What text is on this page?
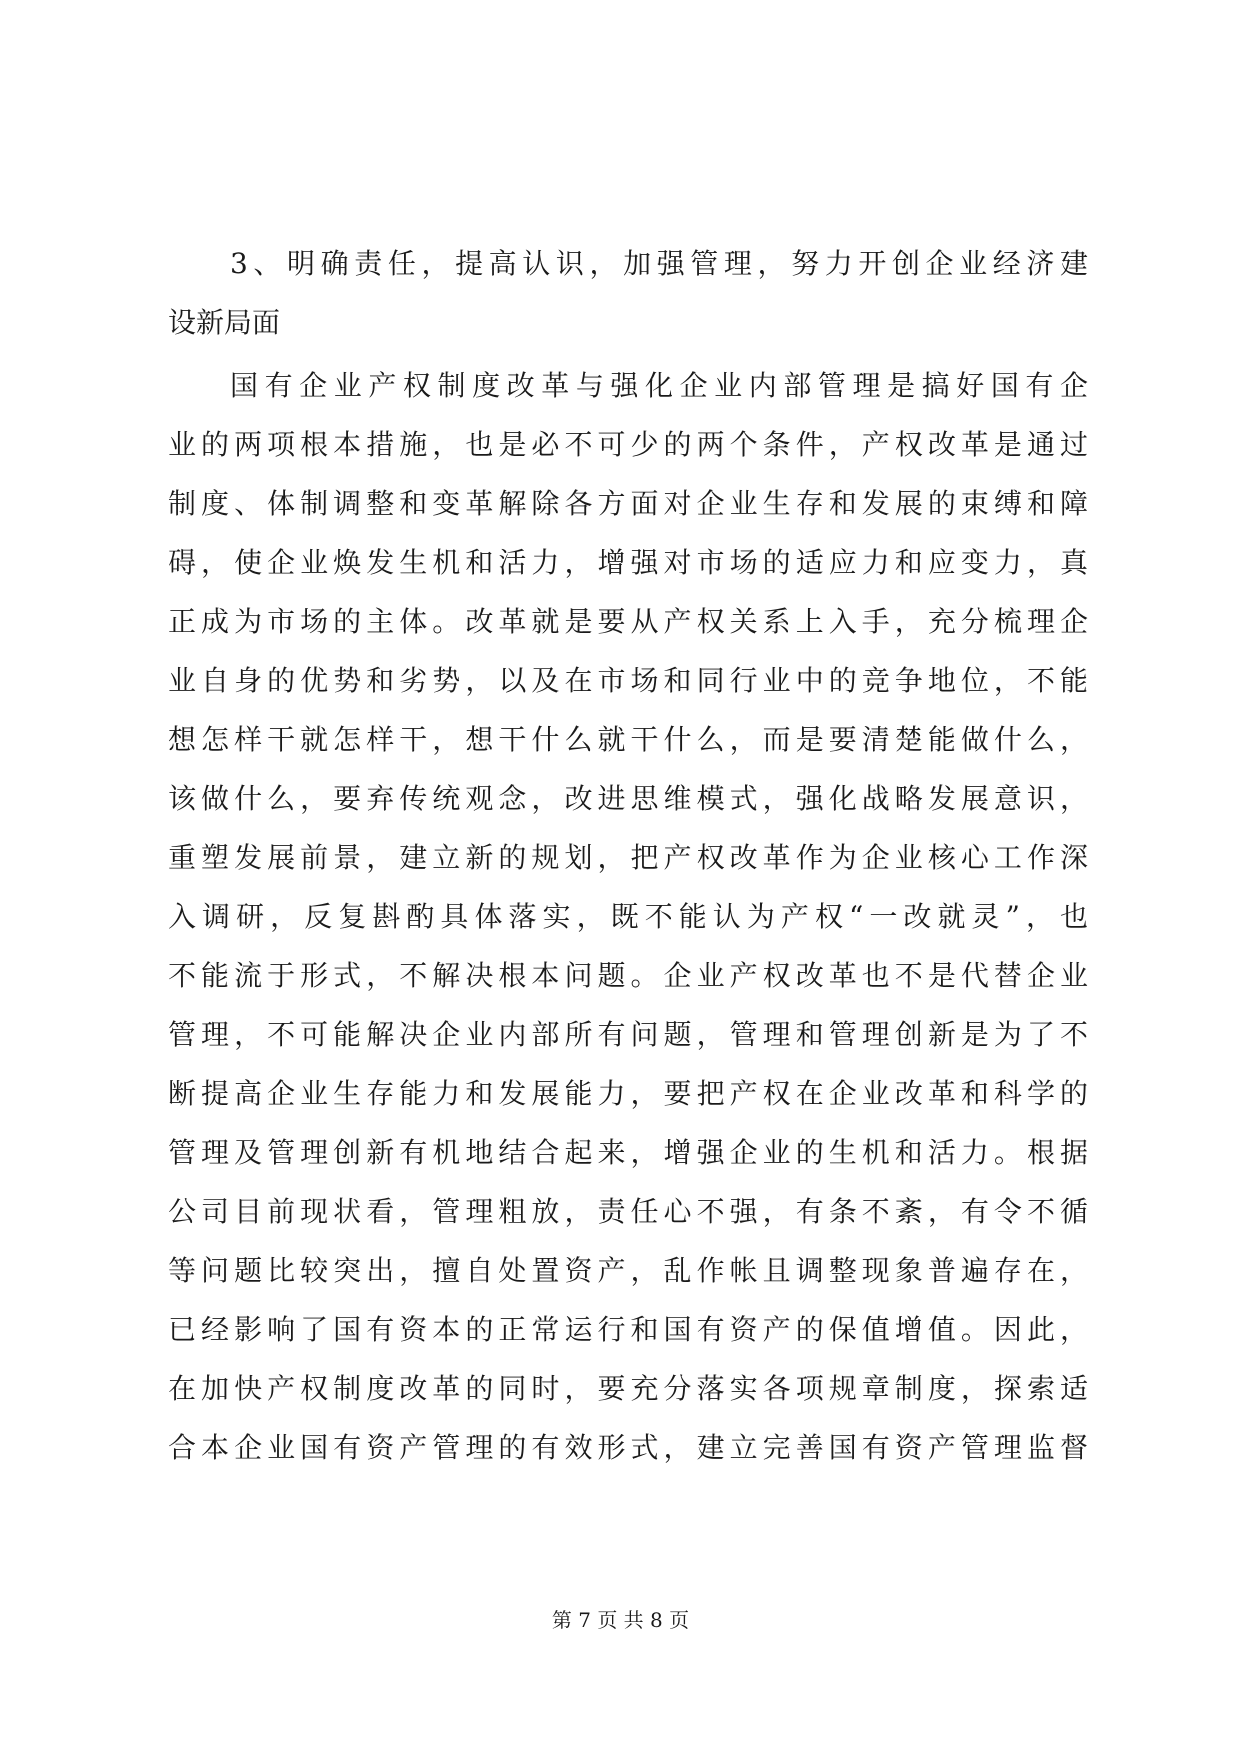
3、明确责任，提高认识，加强管理，努力开创企业经济建
设新局面
国有企业产权制度改革与强化企业内部管理是搞好国有企
业的两项根本措施，也是必不可少的两个条件，产权改革是通过
制度、体制调整和变革解除各方面对企业生存和发展的束缚和障
碍，使企业焕发生机和活力，增强对市场的适应力和应变力，真
正成为市场的主体。改革就是要从产权关系上入手，充分梳理企
业自身的优势和劣势，以及在市场和同行业中的竞争地位，不能
想怎样干就怎样干，想干什么就干什么，而是要清楚能做什么，
该做什么，要弃传统观念，改进思维模式，强化战略发展意识，
重塑发展前景，建立新的规划，把产权改革作为企业核心工作深
入调研，反复斟酌具体落实，既不能认为产权“一改就灵”，也
不能流于形式，不解决根本问题。企业产权改革也不是代替企业
管理，不可能解决企业内部所有问题，管理和管理创新是为了不
断提高企业生存能力和发展能力，要把产权在企业改革和科学的
管理及管理创新有机地结合起来，增强企业的生机和活力。根据
公司目前现状看，管理粗放，责任心不强，有条不紊，有令不循
等问题比较突出，擅自处置资产，乱作帐且调整现象普遍存在，
已经影响了国有资本的正常运行和国有资产的保值增值。因此，
在加快产权制度改革的同时，要充分落实各项规章制度，探索适
合本企业国有资产管理的有效形式，建立完善国有资产管理监督
第 7 页 共 8 页
